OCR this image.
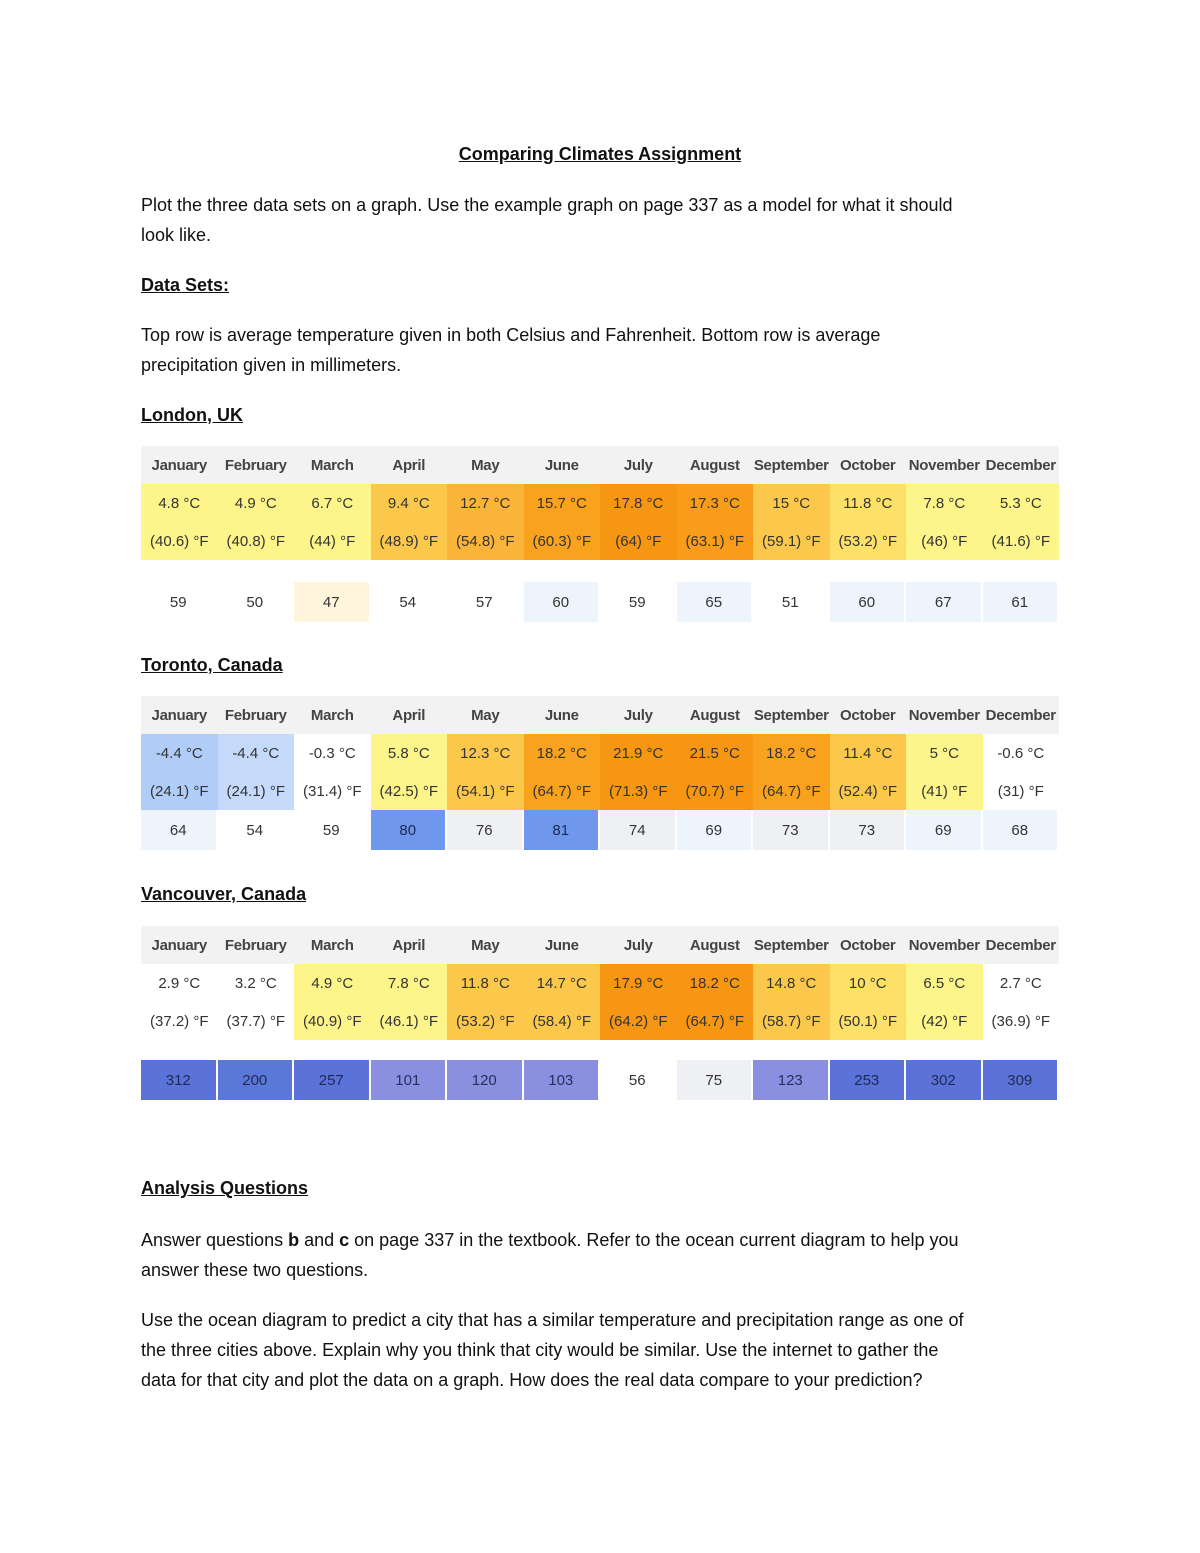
Comparing Climates Assignment
Plot the three data sets on a graph. Use the example graph on page 337 as a model for what it should
look like.
Data Sets:
Top row is average temperature given in both Celsius and Fahrenheit. Bottom row is average
precipitation given in millimeters.
London, UK
January	February	March	April	May	June	July	August September October November December
4.8 °C	4.9 °C	6.7 °C	9.4 °C	12.7 °C	15.7 °C	17.8 °C	17.3 °C	15 °C	11.8 °C	7.8 °C	5.3 °C
(40.6) °F	(40.8) °F	(44) °F	(48.9) °F	(54.8) °F	(60.3) °F	(64) °F	(63.1) °F	(59.1) °F	(53.2) °F	(46) °F	(41.6) °F
59	50	47	54	57	60	59	65	51	60	67	61
Toronto, Canada
January	February	March	April	May	June	July	August September October November December
-4.4 °C	-4.4 °C	-0.3 °C	5.8 °C	12.3 °C	18.2 °C	21.9 °C	21.5 °C	18.2 °C	11.4 °C	5 °C	-0.6 °C
(24.1) °F	(24.1) °F	(31.4) °F	(42.5) °F	(54.1) °F	(64.7) °F	(71.3) °F	(70.7) °F	(64.7) °F	(52.4) °F	(41) °F	(31) °F
64	54	59	80	76	81	74	69	73	73	69	68
Vancouver, Canada
January	February	March	April	May	June	July	August September October November December
2.9 °C	3.2 °C	4.9 °C	7.8 °C	11.8 °C	14.7 °C	17.9 °C	18.2 °C	14.8 °C	10 °C	6.5 °C	2.7 °C
(37.2) °F	(37.7) °F	(40.9) °F	(46.1) °F	(53.2) °F	(58.4) °F	(64.2) °F	(64.7) °F	(58.7) °F	(50.1) °F	(42) °F	(36.9) °F
312	200	257	101	120	103	56	75	123	253	302	309
Analysis Questions
Answer questions b and c on page 337 in the textbook. Refer to the ocean current diagram to help you
answer these two questions.
Use the ocean diagram to predict a city that has a similar temperature and precipitation range as one of
the three cities above. Explain why you think that city would be similar. Use the internet to gather the
data for that city and plot the data on a graph. How does the real data compare to your prediction?
